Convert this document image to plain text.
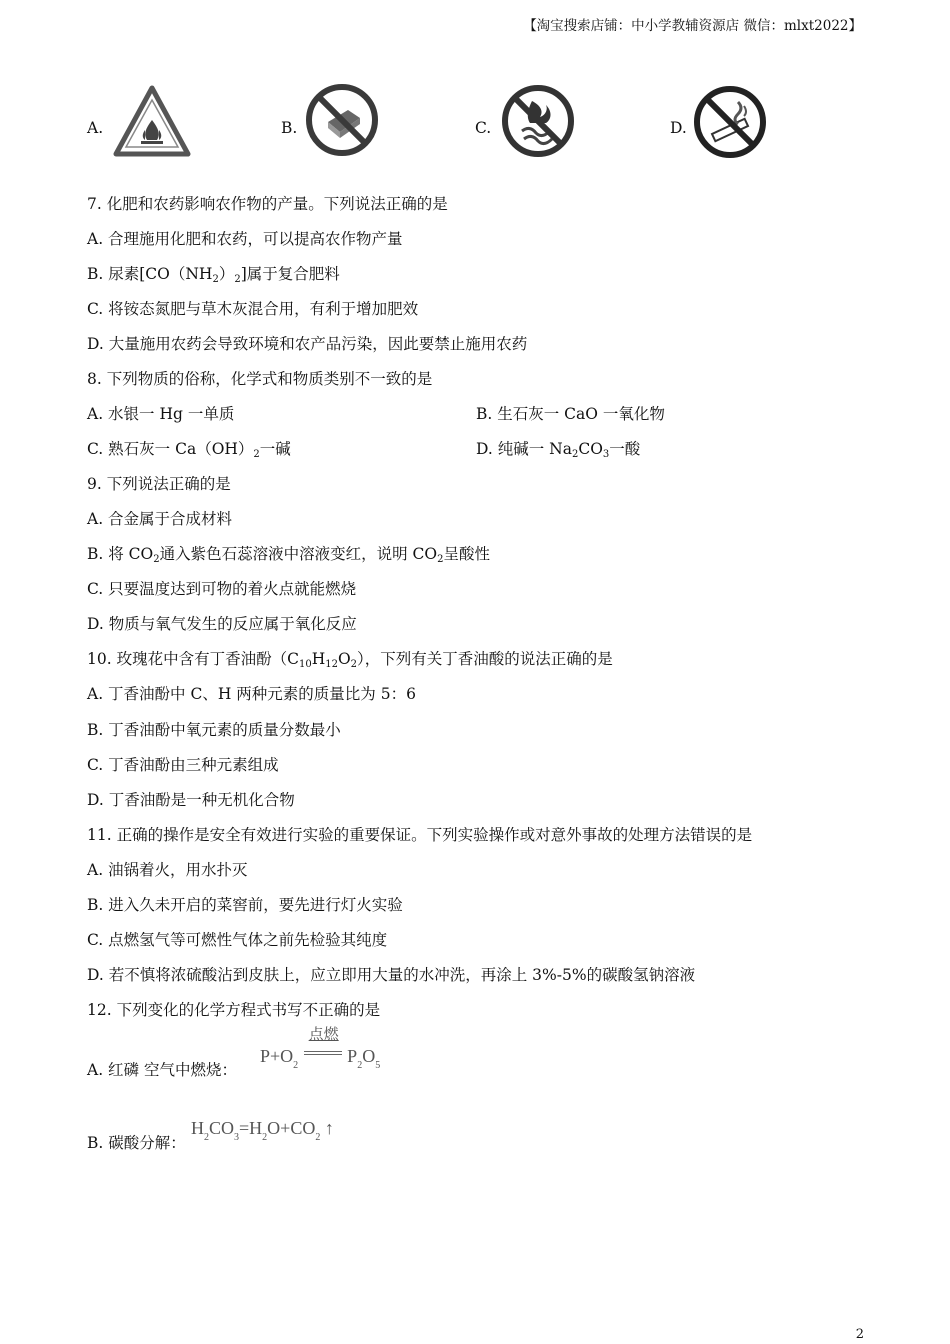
【淘宝搜索店铺：中小学教辅资源店 微信：mlxt2022】
A.	B.	C.	D.
7. 化肥和农药影响农作物的产量。下列说法正确的是
A. 合理施用化肥和农药，可以提高农作物产量
B. 尿素$[CO(NH_2)_2]$属于复合肥料
C. 将铵态氮肥与草木灰混合用，有利于增加肥效
D. 大量施用农药会导致环境和农产品污染，因此要禁止施用农药
8. 下列物质的俗称，化学式和物质类别不一致的是
A. 水银一 Hg 一单质	B. 生石灰一 CaO 一氧化物
C. 熟石灰一 $Ca(OH)_2$一碱	D. 纯碱一 $Na_2CO_3$一酸
9. 下列说法正确的是
A. 合金属于合成材料
B. 将 $CO_2$通入紫色石蕊溶液中溶液变红，说明 $CO_2$呈酸性
C. 只要温度达到可物的着火点就能燃烧
D. 物质与氧气发生的反应属于氧化反应
10. 玫瑰花中含有丁香油酚$(C_{10}H_{12}O_2)$，下列有关丁香油酸的说法正确的是
A. 丁香油酚中 C、H 两种元素的质量比为 5：6
B. 丁香油酚中氧元素的质量分数最小
C. 丁香油酚由三种元素组成
D. 丁香油酚是一种无机化合物
11. 正确的操作是安全有效进行实验的重要保证。下列实验操作或对意外事故的处理方法错误的是
A. 油锅着火，用水扑灭
B. 进入久未开启的菜窖前，要先进行灯火实验
C. 点燃氢气等可燃性气体之前先检验其纯度
D. 若不慎将浓硫酸沾到皮肤上，应立即用大量的水冲洗，再涂上 3%-5%的碳酸氢钠溶液
12. 下列变化的化学方程式书写不正确的是
A. 红磷 空气中燃烧：
$P+O_2$
点燃
$P_2O_5$
B. 碳酸分解：
$H_2CO_3=H_2O+CO_2$ ↑
2
